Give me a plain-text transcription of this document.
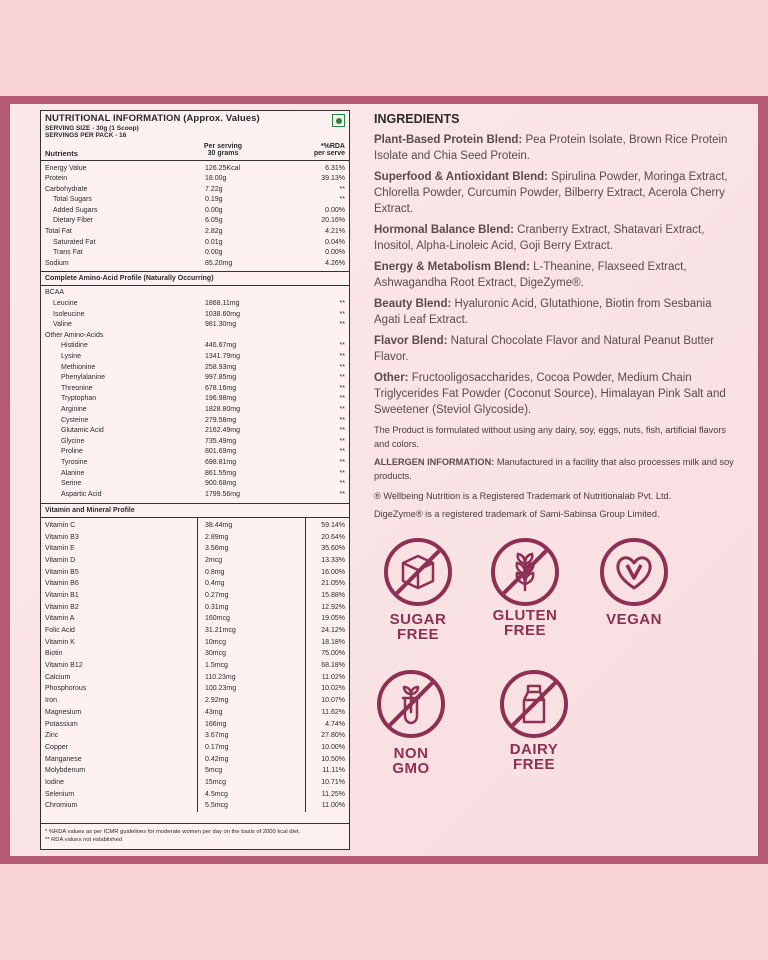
NUTRITIONAL INFORMATION (Approx. Values)
SERVING SIZE - 30g (1 Scoop)
SERVINGS PER PACK - 16
Nutrients
Per serving
30 grams
*%RDA
per serve
Energy Value	126.25Kcal	6.31%
Protein	18.00g	39.13%
Carbohydrate	7.22g	**
Total Sugars	0.19g	**
Added Sugars	0.00g	0.00%
Dietary Fiber	6.05g	20.16%
Total Fat	2.82g	4.21%
Saturated Fat	0.01g	0.04%
Trans Fat	0.00g	0.00%
Sodium	85.20mg	4.26%
Complete Amino-Acid Profile (Naturally Occurring)
BCAA
Leucine	1868.11mg	**
Isoleucine	1038.60mg	**
Valine	981.30mg	**
Other Amino-Acids
Histidine	446.67mg	**
Lysine	1341.79mg	**
Methionine	258.93mg	**
Phenylalanine	997.85mg	**
Threonine	678.16mg	**
Tryptophan	196.98mg	**
Arginine	1828.80mg	**
Cysteine	279.58mg	**
Glutamic Acid	2162.49mg	**
Glycine	735.49mg	**
Proline	801.69mg	**
Tyrosine	698.81mg	**
Alanine	861.55mg	**
Serine	900.68mg	**
Aspartic Acid	1799.56mg	**
Vitamin and Mineral Profile
Vitamin C	38.44mg	59.14%
Vitamin B3	2.89mg	20.64%
Vitamin E	3.56mg	35.60%
Vitamin D	2mcg	13.33%
Vitamin B5	0.8mg	16.00%
Vitamin B6	0.4mg	21.05%
Vitamin B1	0.27mg	15.88%
Vitamin B2	0.31mg	12.92%
Vitamin A	160mcg	19.05%
Folic Acid	31.21mcg	24.12%
Vitamin K	10mcg	18.18%
Biotin	30mcg	75.00%
Vitamin B12	1.5mcg	68.18%
Calcium	110.23mg	11.02%
Phosphorous	100.23mg	10.02%
Iron	2.92mg	10.07%
Magnesium	43mg	11.62%
Potassium	166mg	4.74%
Zinc	3.67mg	27.80%
Copper	0.17mg	10.00%
Manganese	0.42mg	10.50%
Molybdenum	5mcg	11.11%
Iodine	15mcg	10.71%
Selenium	4.5mcg	11.25%
Chromium	5.5mcg	11.00%
* %RDA values as per ICMR guidelines for moderate women per day on the basis of 2000 kcal diet.
** RDA values not established
INGREDIENTS

Plant-Based Protein Blend: Pea Protein Isolate, Brown Rice Protein Isolate and Chia Seed Protein.

Superfood & Antioxidant Blend: Spirulina Powder, Moringa Extract, Chlorella Powder, Curcumin Powder, Bilberry Extract, Acerola Cherry Extract.

Hormonal Balance Blend: Cranberry Extract, Shatavari Extract, Inositol, Alpha-Linoleic Acid, Goji Berry Extract.

Energy & Metabolism Blend: L-Theanine, Flaxseed Extract, Ashwagandha Root Extract, DigeZyme®.

Beauty Blend: Hyaluronic Acid, Glutathione, Biotin from Sesbania Agati Leaf Extract.

Flavor Blend: Natural Chocolate Flavor and Natural Peanut Butter Flavor.

Other: Fructooligosaccharides, Cocoa Powder, Medium Chain Triglycerides Fat Powder (Coconut Source), Himalayan Pink Salt and Sweetener (Steviol Glycoside).

The Product is formulated without using any dairy, soy, eggs, nuts, fish, artificial flavors and colors.

ALLERGEN INFORMATION: Manufactured in a facility that also processes milk and soy products.

® Wellbeing Nutrition is a Registered Trademark of Nutritionalab Pvt. Ltd.

DigeZyme® is a registered trademark of Sami-Sabinsa Group Limited.

SUGAR
FREE
GLUTEN
FREE
VEGAN
NON
GMO
DAIRY
FREE
